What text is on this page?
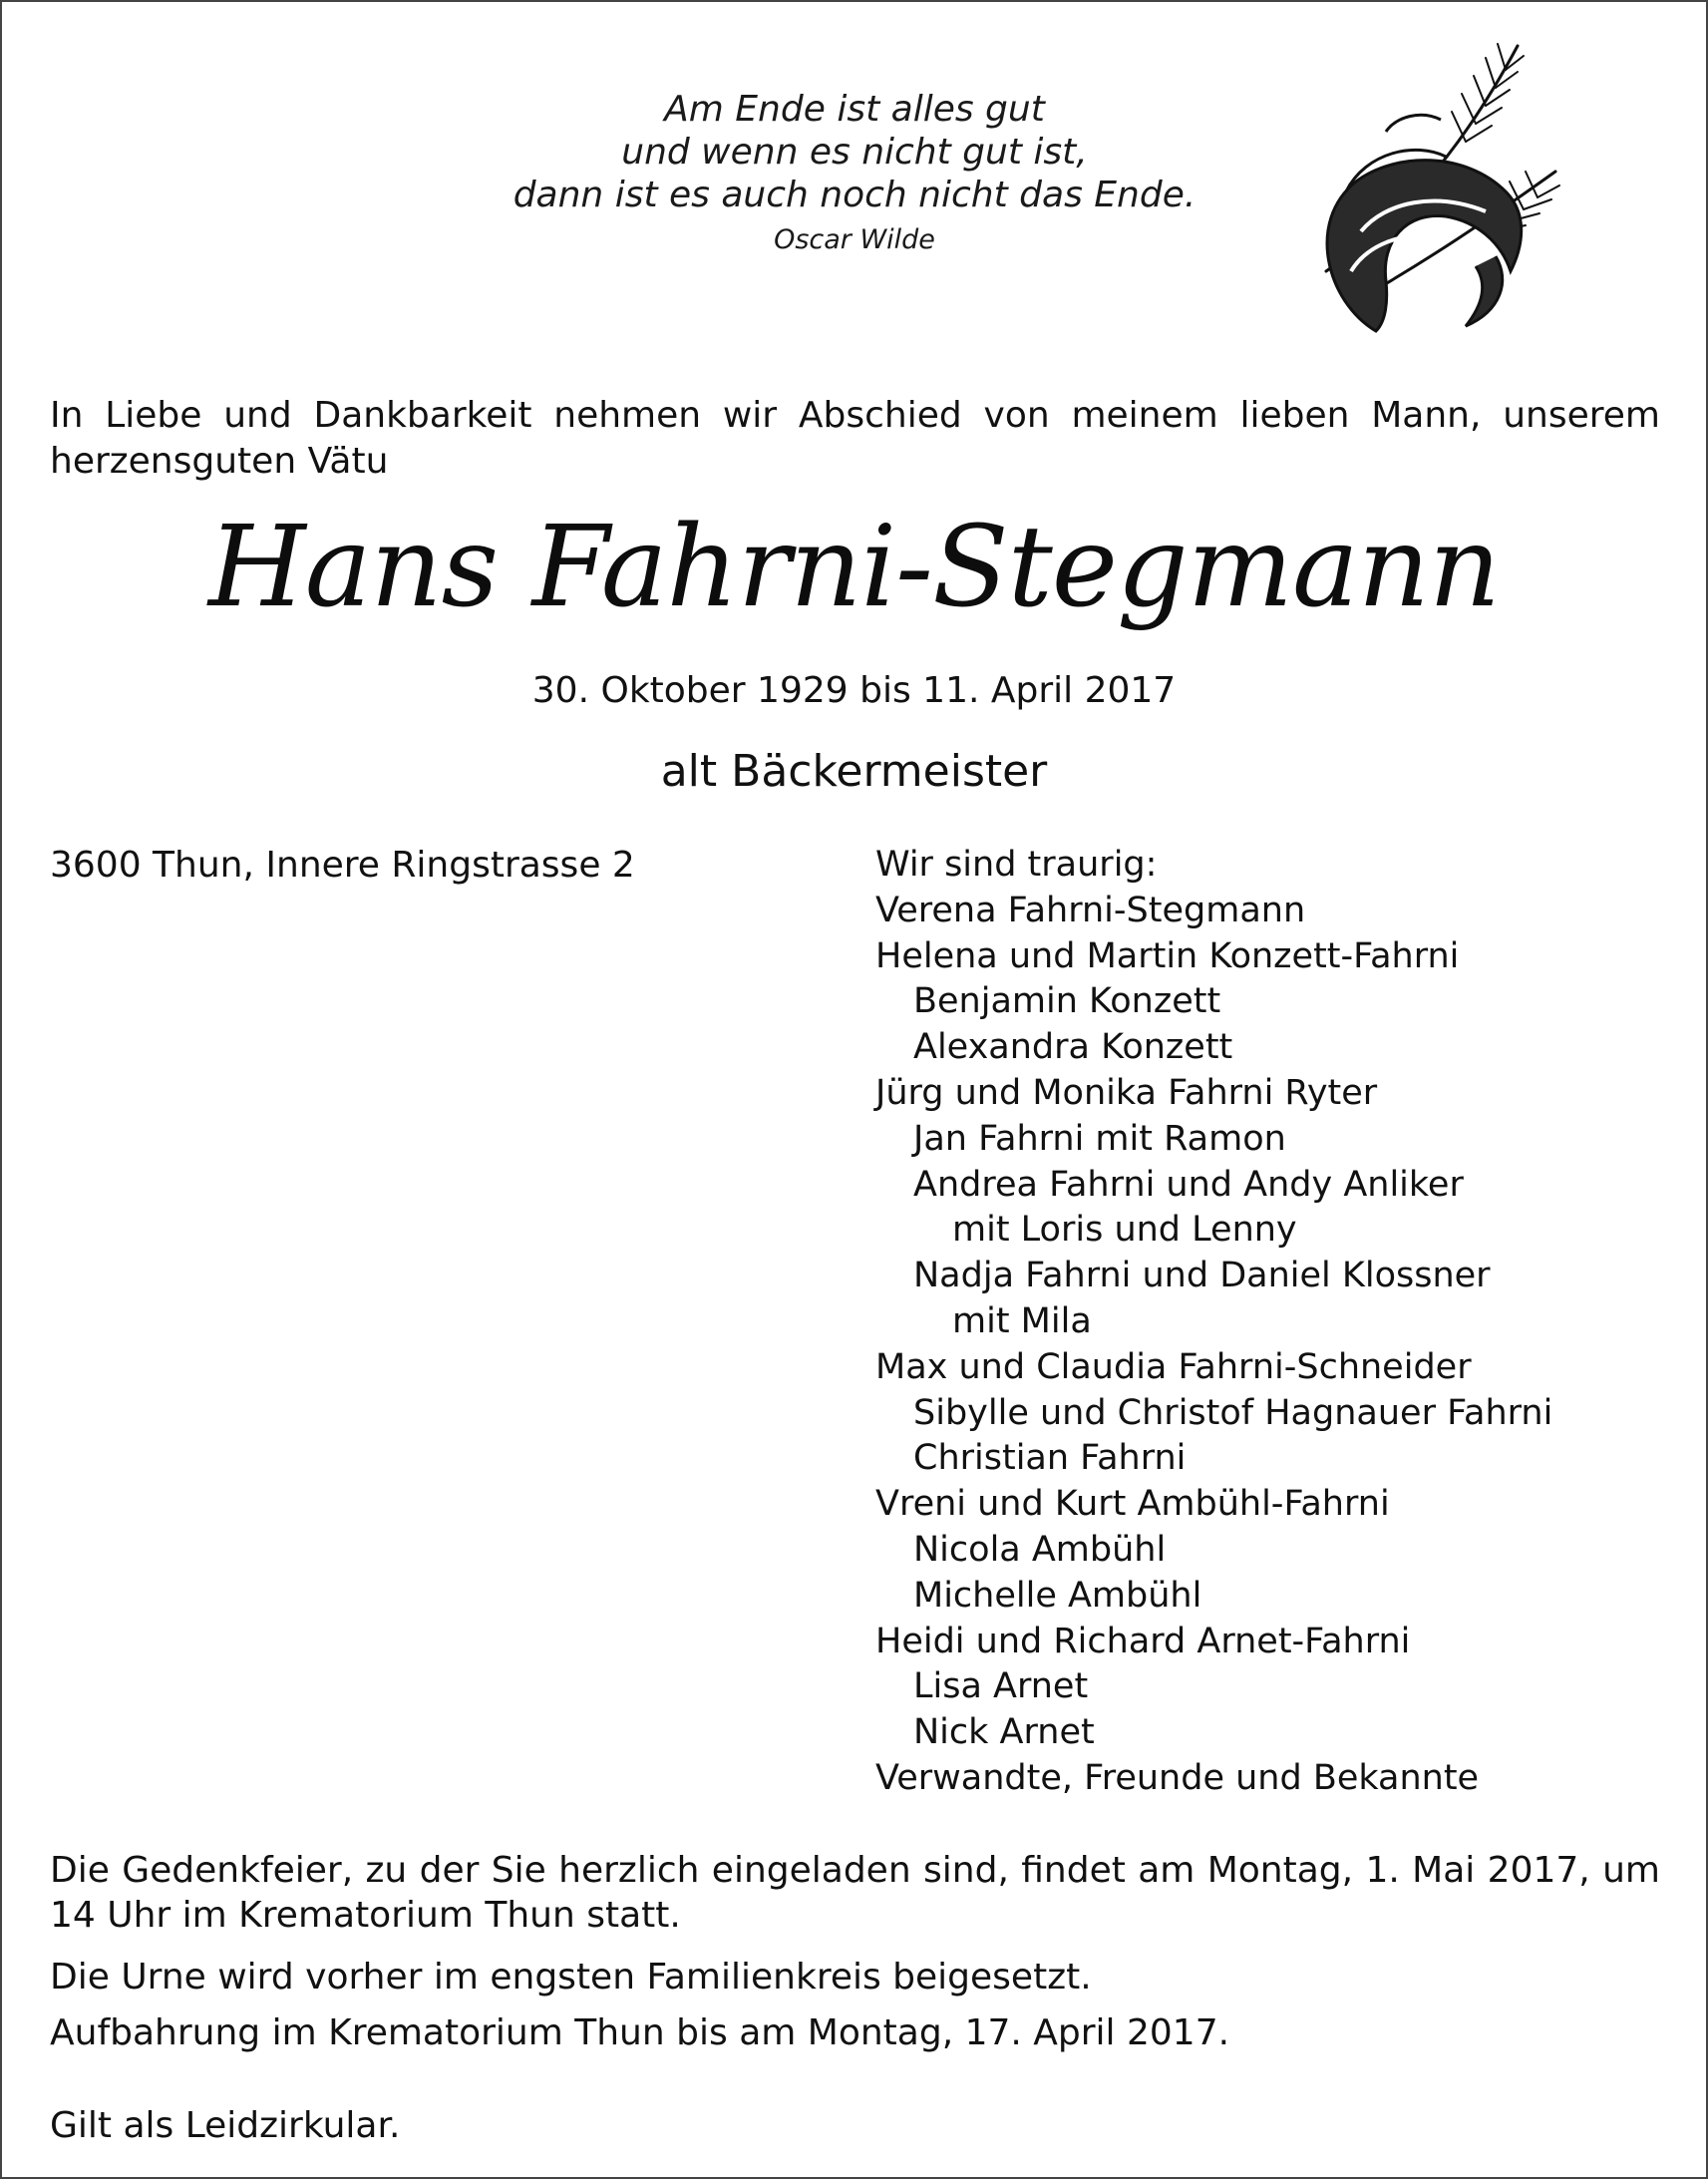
Am Ende ist alles gut
und wenn es nicht gut ist,
dann ist es auch noch nicht das Ende.
Oscar Wilde
In Liebe und Dankbarkeit nehmen wir Abschied von meinem lieben Mann, unserem herzensguten Vätu
Hans Fahrni-Stegmann
30. Oktober 1929 bis 11. April 2017
alt Bäckermeister
3600 Thun, Innere Ringstrasse 2	Wir sind traurig:
Verena Fahrni-Stegmann
Helena und Martin Konzett-Fahrni
Benjamin Konzett
Alexandra Konzett
Jürg und Monika Fahrni Ryter
Jan Fahrni mit Ramon
Andrea Fahrni und Andy Anliker
mit Loris und Lenny
Nadja Fahrni und Daniel Klossner
mit Mila
Max und Claudia Fahrni-Schneider
Sibylle und Christof Hagnauer Fahrni
Christian Fahrni
Vreni und Kurt Ambühl-Fahrni
Nicola Ambühl
Michelle Ambühl
Heidi und Richard Arnet-Fahrni
Lisa Arnet
Nick Arnet
Verwandte, Freunde und Bekannte
Die Gedenkfeier, zu der Sie herzlich eingeladen sind, findet am Montag, 1. Mai 2017, um 14 Uhr im Krematorium Thun statt.
Die Urne wird vorher im engsten Familienkreis beigesetzt.
Aufbahrung im Krematorium Thun bis am Montag, 17. April 2017.
Gilt als Leidzirkular.
